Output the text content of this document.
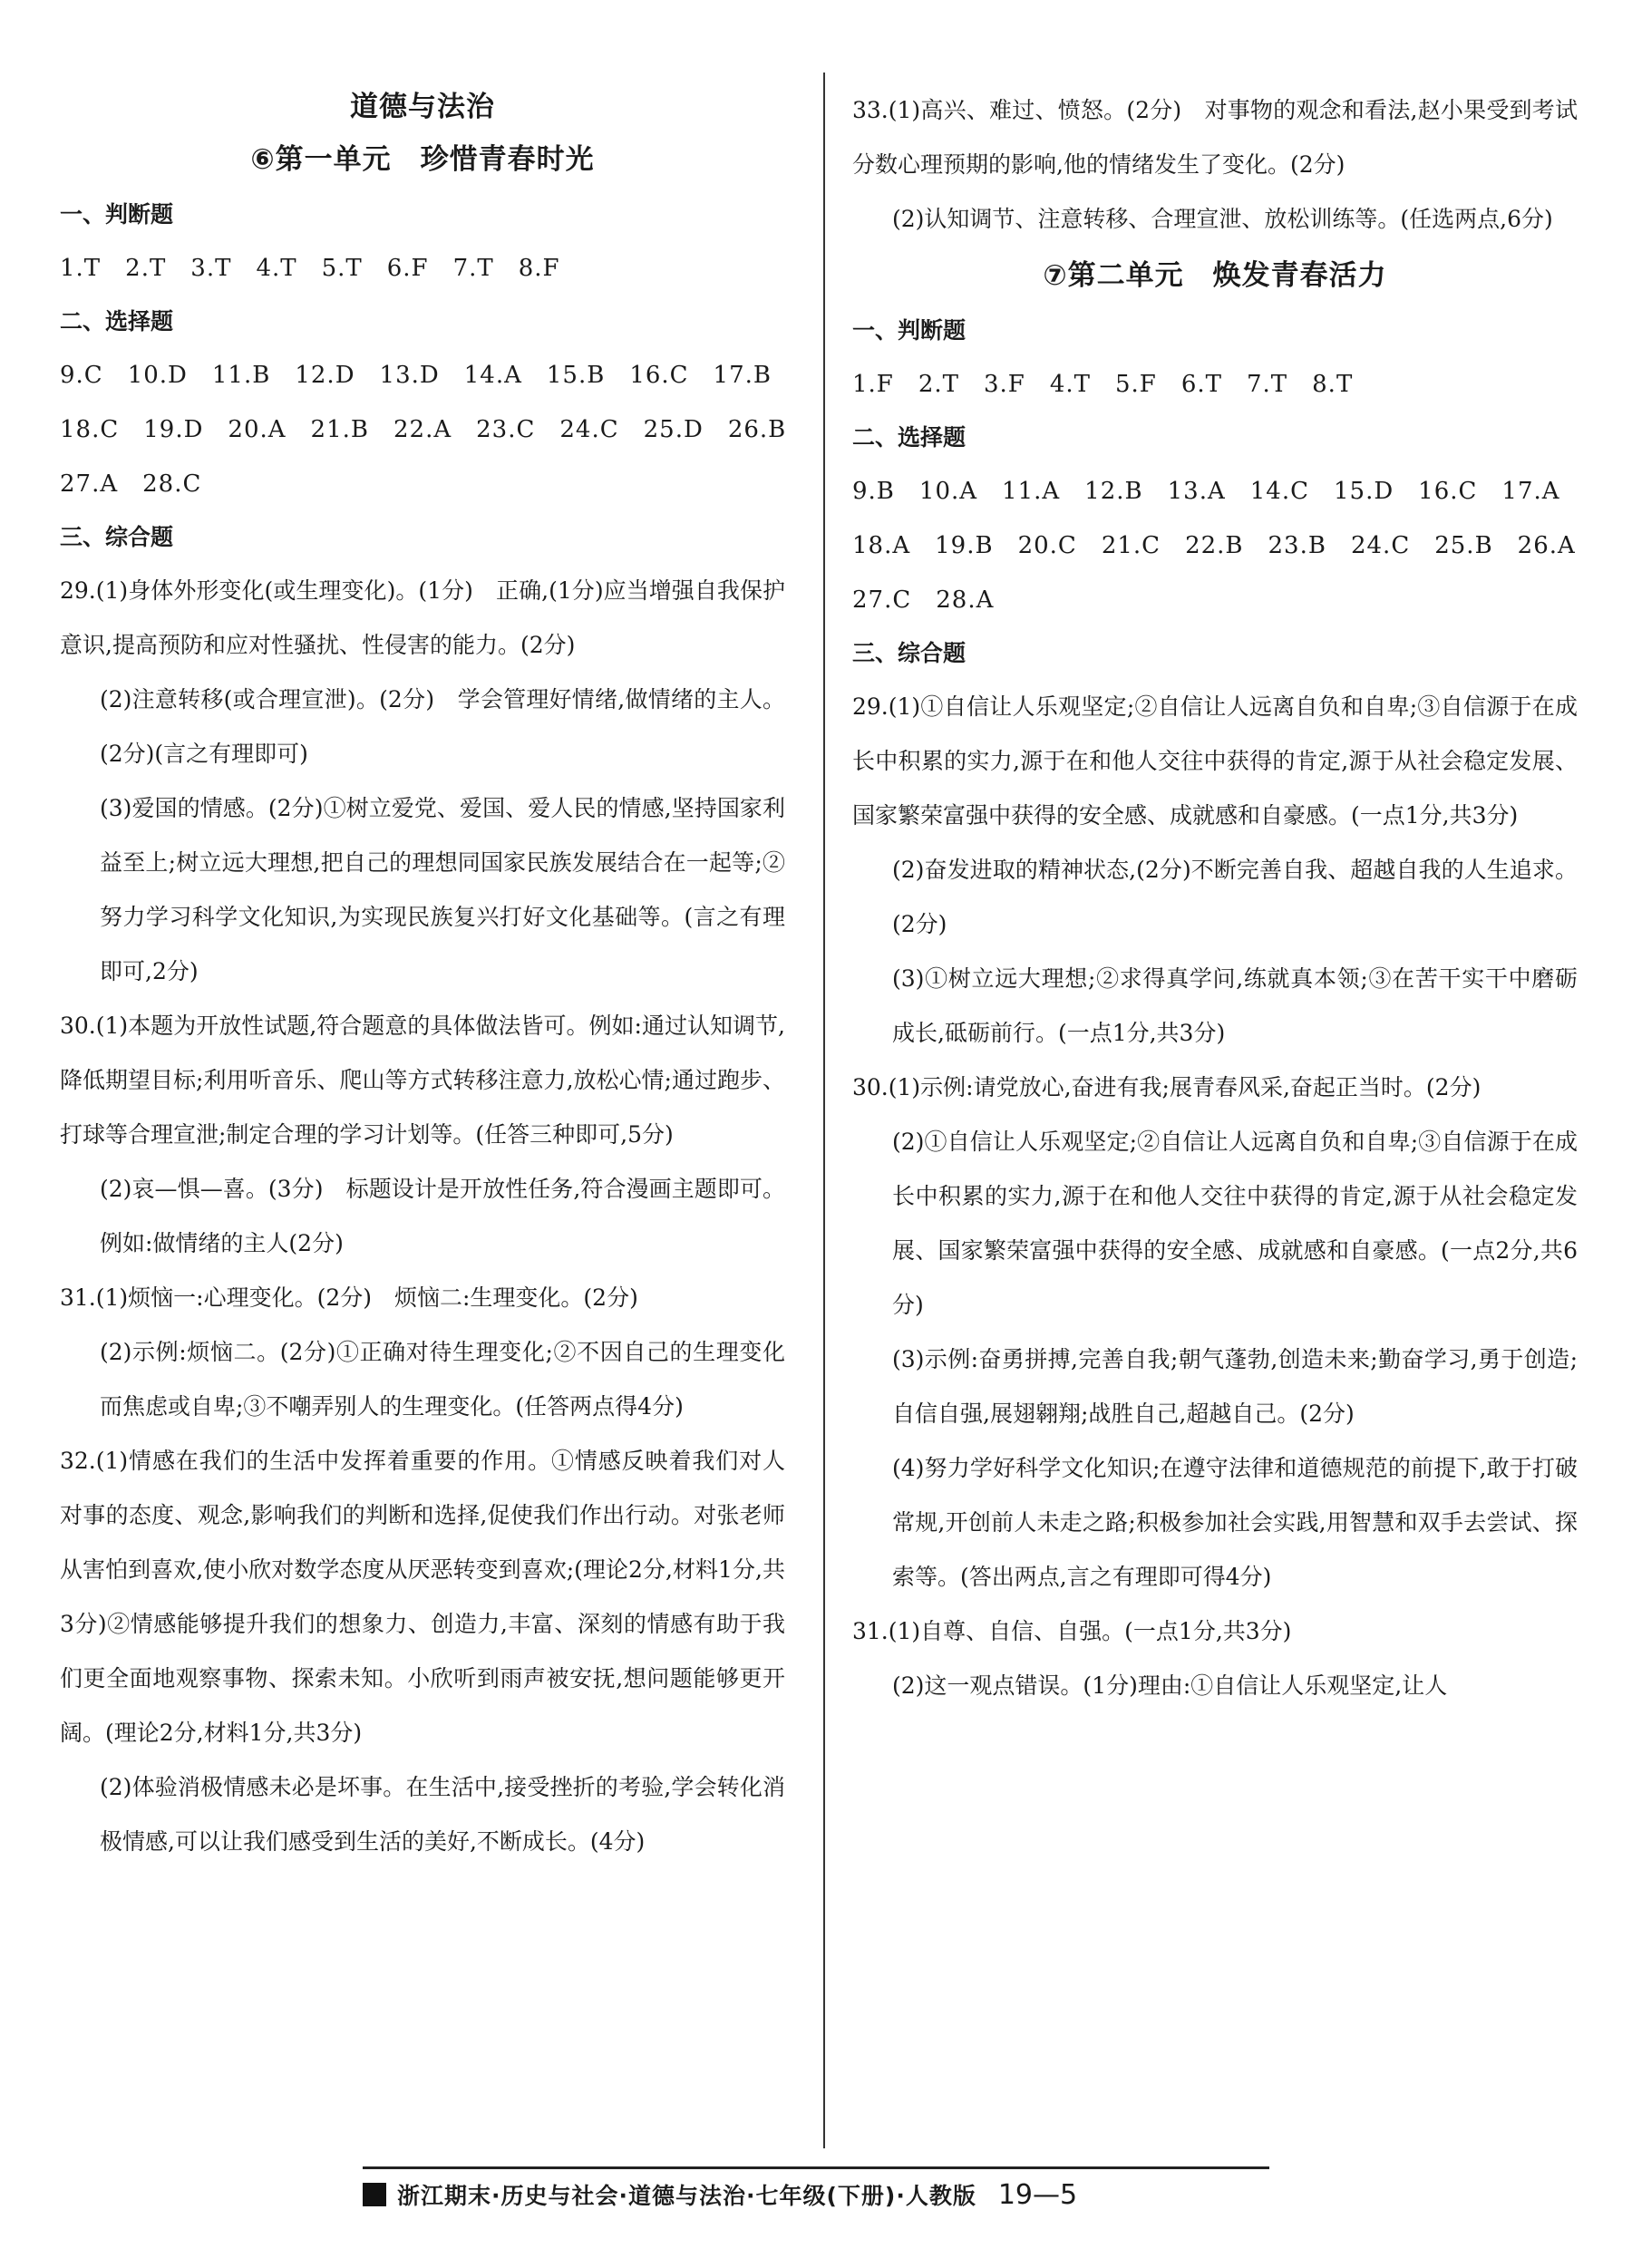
道德与法治
⑥第一单元　珍惜青春时光
一、判断题
1.T　2.T　3.T　4.T　5.T　6.F　7.T　8.F
二、选择题
9.C　10.D　11.B　12.D　13.D　14.A　15.B　16.C　17.B
18.C　19.D　20.A　21.B　22.A　23.C　24.C　25.D　26.B
27.A　28.C
三、综合题
29.(1)身体外形变化(或生理变化)。(1分)　正确,(1分)应当增强自我保护意识,提高预防和应对性骚扰、性侵害的能力。(2分)
(2)注意转移(或合理宣泄)。(2分)　学会管理好情绪,做情绪的主人。(2分)(言之有理即可)
(3)爱国的情感。(2分)①树立爱党、爱国、爱人民的情感,坚持国家利益至上;树立远大理想,把自己的理想同国家民族发展结合在一起等;②努力学习科学文化知识,为实现民族复兴打好文化基础等。(言之有理即可,2分)
30.(1)本题为开放性试题,符合题意的具体做法皆可。例如:通过认知调节,降低期望目标;利用听音乐、爬山等方式转移注意力,放松心情;通过跑步、打球等合理宣泄;制定合理的学习计划等。(任答三种即可,5分)
(2)哀—惧—喜。(3分)　标题设计是开放性任务,符合漫画主题即可。例如:做情绪的主人(2分)
31.(1)烦恼一:心理变化。(2分)　烦恼二:生理变化。(2分)
(2)示例:烦恼二。(2分)①正确对待生理变化;②不因自己的生理变化而焦虑或自卑;③不嘲弄别人的生理变化。(任答两点得4分)
32.(1)情感在我们的生活中发挥着重要的作用。①情感反映着我们对人对事的态度、观念,影响我们的判断和选择,促使我们作出行动。对张老师从害怕到喜欢,使小欣对数学态度从厌恶转变到喜欢;(理论2分,材料1分,共3分)②情感能够提升我们的想象力、创造力,丰富、深刻的情感有助于我们更全面地观察事物、探索未知。小欣听到雨声被安抚,想问题能够更开阔。(理论2分,材料1分,共3分)
(2)体验消极情感未必是坏事。在生活中,接受挫折的考验,学会转化消极情感,可以让我们感受到生活的美好,不断成长。(4分)
33.(1)高兴、难过、愤怒。(2分)　对事物的观念和看法,赵小果受到考试分数心理预期的影响,他的情绪发生了变化。(2分)
(2)认知调节、注意转移、合理宣泄、放松训练等。(任选两点,6分)
⑦第二单元　焕发青春活力
一、判断题
1.F　2.T　3.F　4.T　5.F　6.T　7.T　8.T
二、选择题
9.B　10.A　11.A　12.B　13.A　14.C　15.D　16.C　17.A
18.A　19.B　20.C　21.C　22.B　23.B　24.C　25.B　26.A
27.C　28.A
三、综合题
29.(1)①自信让人乐观坚定;②自信让人远离自负和自卑;③自信源于在成长中积累的实力,源于在和他人交往中获得的肯定,源于从社会稳定发展、国家繁荣富强中获得的安全感、成就感和自豪感。(一点1分,共3分)
(2)奋发进取的精神状态,(2分)不断完善自我、超越自我的人生追求。(2分)
(3)①树立远大理想;②求得真学问,练就真本领;③在苦干实干中磨砺成长,砥砺前行。(一点1分,共3分)
30.(1)示例:请党放心,奋进有我;展青春风采,奋起正当时。(2分)
(2)①自信让人乐观坚定;②自信让人远离自负和自卑;③自信源于在成长中积累的实力,源于在和他人交往中获得的肯定,源于从社会稳定发展、国家繁荣富强中获得的安全感、成就感和自豪感。(一点2分,共6分)
(3)示例:奋勇拼搏,完善自我;朝气蓬勃,创造未来;勤奋学习,勇于创造;自信自强,展翅翱翔;战胜自己,超越自己。(2分)
(4)努力学好科学文化知识;在遵守法律和道德规范的前提下,敢于打破常规,开创前人未走之路;积极参加社会实践,用智慧和双手去尝试、探索等。(答出两点,言之有理即可得4分)
31.(1)自尊、自信、自强。(一点1分,共3分)
(2)这一观点错误。(1分)理由:①自信让人乐观坚定,让人
浙江期末·历史与社会·道德与法治·七年级(下册)·人教版 19—5
